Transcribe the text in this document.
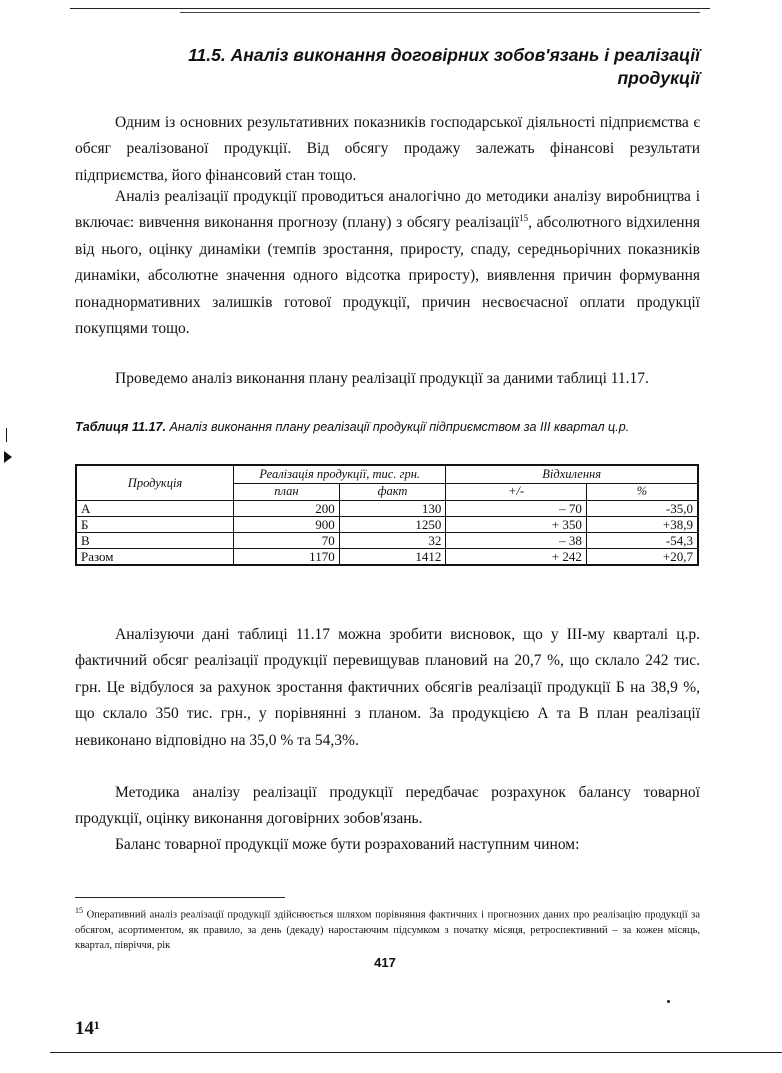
11.5. Аналіз виконання договірних зобов'язань і реалізації
продукції

Одним із основних результативних показників господарської діяльності підприємства є обсяг реалізованої продукції. Від обсягу продажу залежать фінансові результати підприємства, його фінансовий стан тощо.

Аналіз реалізації продукції проводиться аналогічно до методики аналізу виробництва і включає: вивчення виконання прогнозу (плану) з обсягу реалізації$^{15}$, абсолютного відхилення від нього, оцінку динаміки (темпів зростання, приросту, спаду, середньорічних показників динаміки, абсолютне значення одного відсотка приросту), виявлення причин формування понаднормативних залишків готової продукції, причин несвоєчасної оплати продукції покупцями тощо.

Проведемо аналіз виконання плану реалізації продукції за даними таблиці 11.17.

Таблиця 11.17. Аналіз виконання плану реалізації продукції підприємством за III квартал ц.р.
Продукція	Реалізація продукції, тис. грн.		Відхилення	
	план	факт	+/-	%
А	200	130	– 70	-35,0
Б	900	1250	+ 350	+38,9
В	70	32	– 38	-54,3
Разом	1170	1412	+ 242	+20,7

Аналізуючи дані таблиці 11.17 можна зробити висновок, що у III-му кварталі ц.р. фактичний обсяг реалізації продукції перевищував плановий на 20,7 %, що склало 242 тис. грн. Це відбулося за рахунок зростання фактичних обсягів реалізації продукції Б на 38,9 %, що склало 350 тис. грн., у порівнянні з планом. За продукцією А та В план реалізації невиконано відповідно на 35,0 % та 54,3%.

Методика аналізу реалізації продукції передбачає розрахунок балансу товарної продукції, оцінку виконання договірних зобов'язань.

Баланс товарної продукції може бути розрахований наступним чином:

$^{15}$ Оперативний аналіз реалізації продукції здійснюється шляхом порівняння фактичних і прогнозних даних про реалізацію продукції за обсягом, асортиментом, як правило, за день (декаду) наростаючим підсумком з початку місяця, ретроспективний – за кожен місяць, квартал, півріччя, рік
417
14¹
